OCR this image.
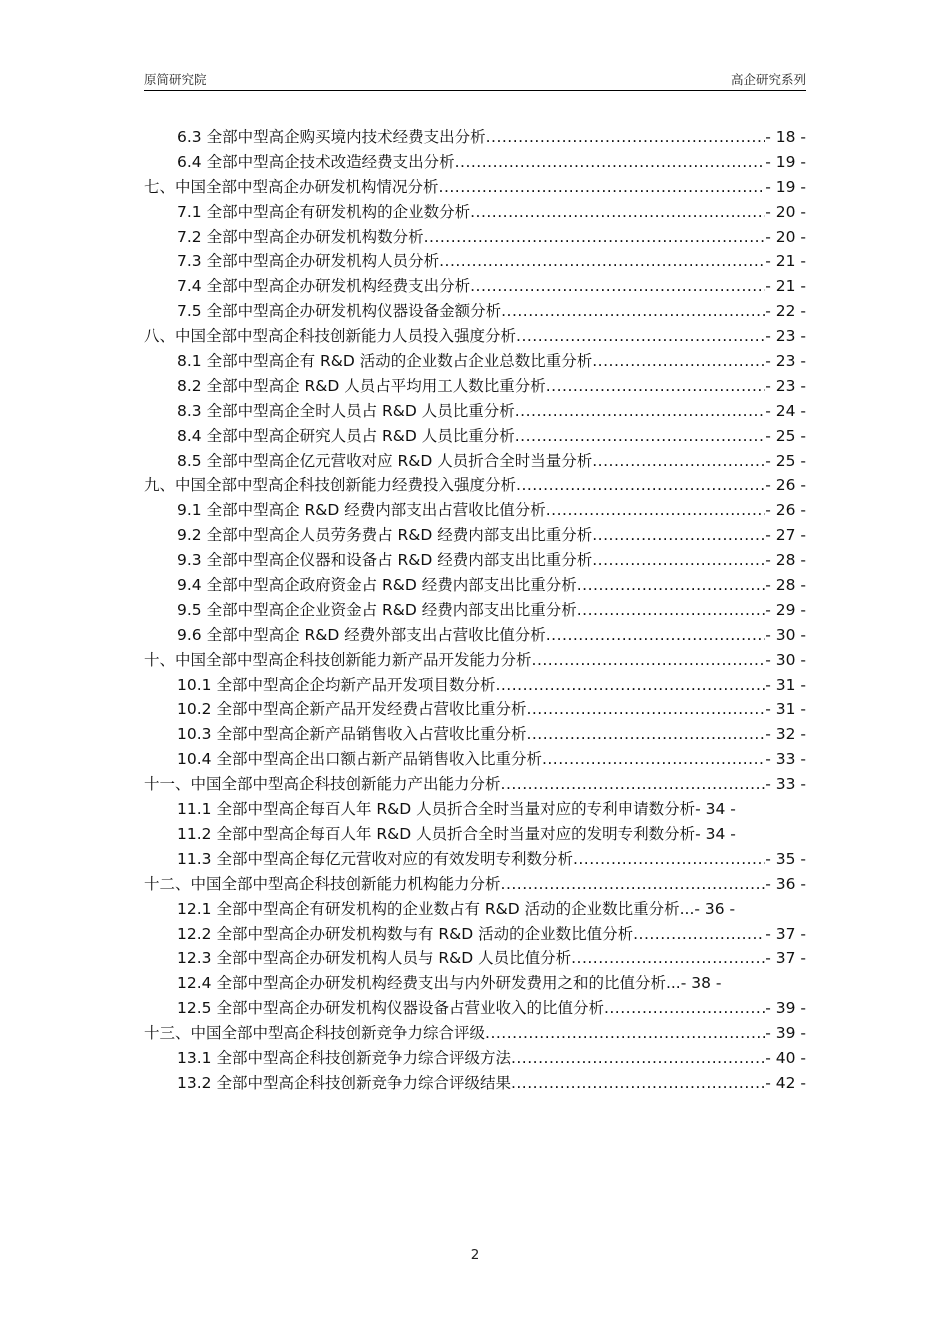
原简研究院	高企研究系列
6.3 全部中型高企购买境内技术经费支出分析 .....	- 18 -
6.4 全部中型高企技术改造经费支出分析 .....	- 19 -
七、中国全部中型高企办研发机构情况分析 .....	- 19 -
7.1 全部中型高企有研发机构的企业数分析 .....	- 20 -
7.2 全部中型高企办研发机构数分析 .....	- 20 -
7.3 全部中型高企办研发机构人员分析 .....	- 21 -
7.4 全部中型高企办研发机构经费支出分析 .....	- 21 -
7.5 全部中型高企办研发机构仪器设备金额分析 .....	- 22 -
八、中国全部中型高企科技创新能力人员投入强度分析 .....	- 23 -
8.1 全部中型高企有 R&D 活动的企业数占企业总数比重分析 .....	- 23 -
8.2 全部中型高企 R&D 人员占平均用工人数比重分析 .....	- 23 -
8.3 全部中型高企全时人员占 R&D 人员比重分析 .....	- 24 -
8.4 全部中型高企研究人员占 R&D 人员比重分析 .....	- 25 -
8.5 全部中型高企亿元营收对应 R&D 人员折合全时当量分析 .....	- 25 -
九、中国全部中型高企科技创新能力经费投入强度分析 .....	- 26 -
9.1 全部中型高企 R&D 经费内部支出占营收比值分析 .....	- 26 -
9.2 全部中型高企人员劳务费占 R&D 经费内部支出比重分析 .....	- 27 -
9.3 全部中型高企仪器和设备占 R&D 经费内部支出比重分析 .....	- 28 -
9.4 全部中型高企政府资金占 R&D 经费内部支出比重分析 .....	- 28 -
9.5 全部中型高企企业资金占 R&D 经费内部支出比重分析 .....	- 29 -
9.6 全部中型高企 R&D 经费外部支出占营收比值分析 .....	- 30 -
十、中国全部中型高企科技创新能力新产品开发能力分析 .....	- 30 -
10.1 全部中型高企企均新产品开发项目数分析 .....	- 31 -
10.2 全部中型高企新产品开发经费占营收比重分析 .....	- 31 -
10.3 全部中型高企新产品销售收入占营收比重分析 .....	- 32 -
10.4 全部中型高企出口额占新产品销售收入比重分析 .....	- 33 -
十一、中国全部中型高企科技创新能力产出能力分析 .....	- 33 -
11.1 全部中型高企每百人年 R&D 人员折合全时当量对应的专利申请数分析- 34 -
11.2 全部中型高企每百人年 R&D 人员折合全时当量对应的发明专利数分析- 34 -
11.3 全部中型高企每亿元营收对应的有效发明专利数分析 .....	- 35 -
十二、中国全部中型高企科技创新能力机构能力分析 .....	- 36 -
12.1 全部中型高企有研发机构的企业数占有 R&D 活动的企业数比重分析...- 36 -
12.2 全部中型高企办研发机构数与有 R&D 活动的企业数比值分析 .....	- 37 -
12.3 全部中型高企办研发机构人员与 R&D 人员比值分析 .....	- 37 -
12.4 全部中型高企办研发机构经费支出与内外研发费用之和的比值分析...- 38 -
12.5 全部中型高企办研发机构仪器设备占营业收入的比值分析 .....	- 39 -
十三、中国全部中型高企科技创新竞争力综合评级 .....	- 39 -
13.1 全部中型高企科技创新竞争力综合评级方法 .....	- 40 -
13.2 全部中型高企科技创新竞争力综合评级结果 .....	- 42 -
2
